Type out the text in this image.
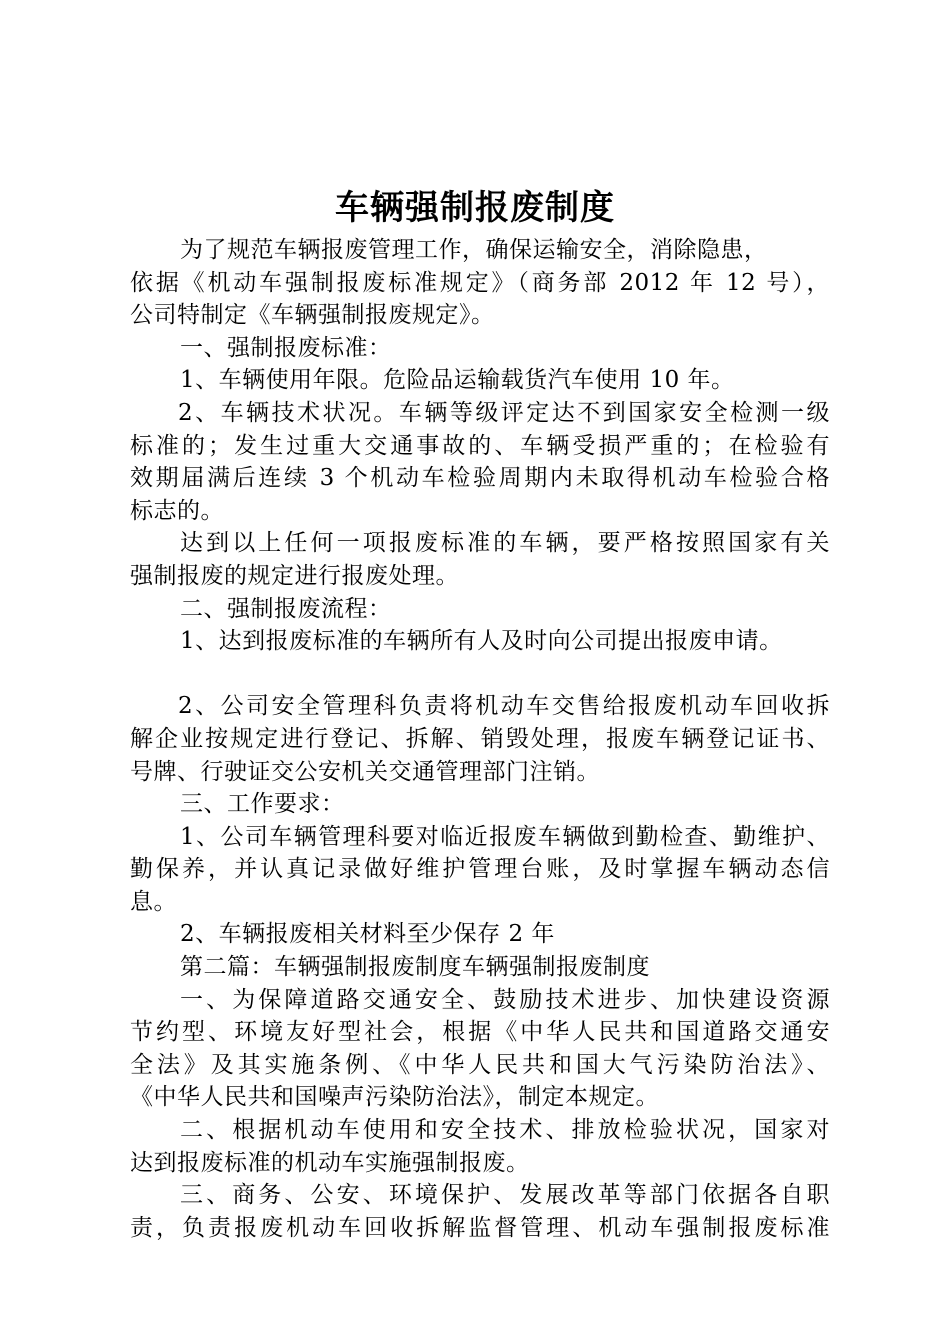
车辆强制报废制度
为了规范车辆报废管理工作，确保运输安全，消除隐患，
依据《机动车强制报废标准规定》（商务部 2012 年 12 号），
公司特制定《车辆强制报废规定》。
一、强制报废标准：
1、车辆使用年限。危险品运输载货汽车使用 10 年。
2、车辆技术状况。车辆等级评定达不到国家安全检测一级
标准的；发生过重大交通事故的、车辆受损严重的；在检验有
效期届满后连续 3 个机动车检验周期内未取得机动车检验合格
标志的。
达到以上任何一项报废标准的车辆，要严格按照国家有关
强制报废的规定进行报废处理。
二、强制报废流程：
1、达到报废标准的车辆所有人及时向公司提出报废申请。
2、公司安全管理科负责将机动车交售给报废机动车回收拆
解企业按规定进行登记、拆解、销毁处理，报废车辆登记证书、
号牌、行驶证交公安机关交通管理部门注销。
三、工作要求：
1、公司车辆管理科要对临近报废车辆做到勤检查、勤维护、
勤保养，并认真记录做好维护管理台账，及时掌握车辆动态信
息。
2、车辆报废相关材料至少保存 2 年
第二篇：车辆强制报废制度车辆强制报废制度
一、为保障道路交通安全、鼓励技术进步、加快建设资源
节约型、环境友好型社会，根据《中华人民共和国道路交通安
全法》及其实施条例、《中华人民共和国大气污染防治法》、
《中华人民共和国噪声污染防治法》，制定本规定。
二、根据机动车使用和安全技术、排放检验状况，国家对
达到报废标准的机动车实施强制报废。
三、商务、公安、环境保护、发展改革等部门依据各自职
责，负责报废机动车回收拆解监督管理、机动车强制报废标准
